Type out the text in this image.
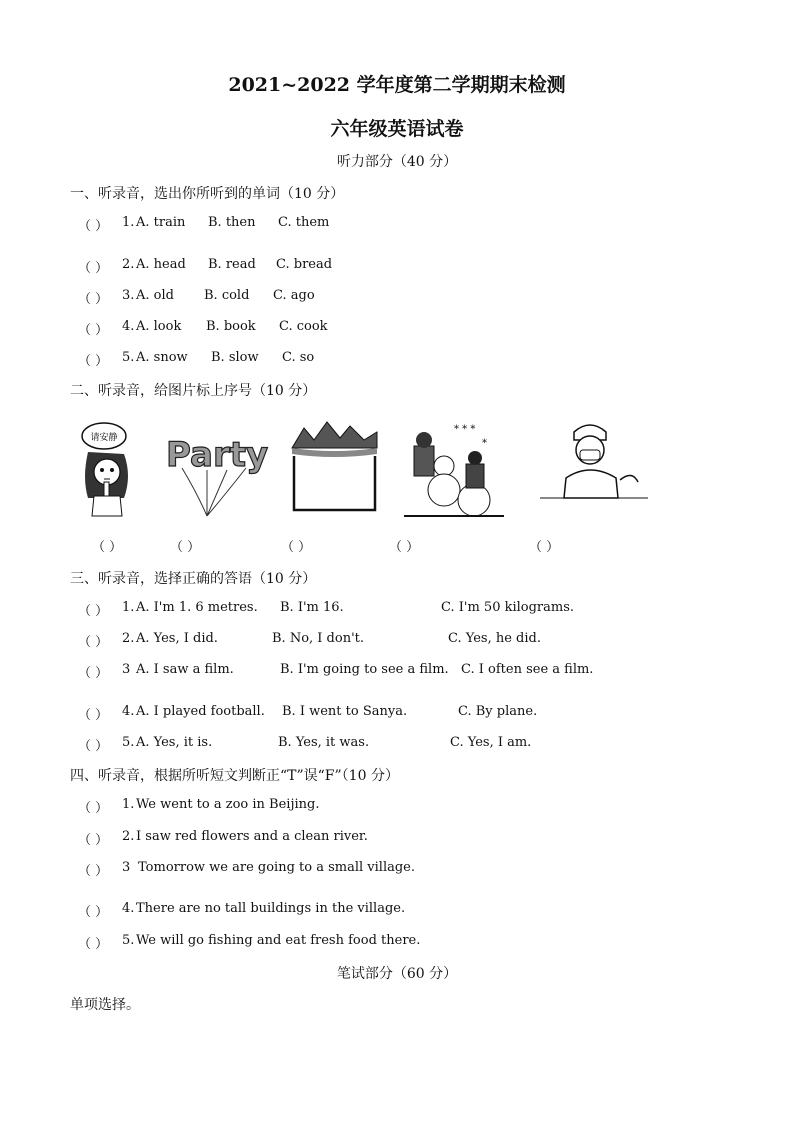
2021~2022 学年度第二学期期末检测
六年级英语试卷
听力部分（40 分）
一、听录音，选出你所听到的单词（10 分）
（ ） 1. A. train B. then C. them
（ ） 2. A. head B. read C. bread
（ ） 3. A. old B. cold C. ago
（ ） 4. A. look B. book C. cook
（ ） 5. A. snow B. slow C. so
二、听录音，给图片标上序号（10 分）
请安静 Party
* * *
*
（ ）	（ ）	（ ）	（ ）	（ ）
三、听录音，选择正确的答语（10 分）
（ ） 1. A. I'm 1. 6 metres. B. I'm 16.	C. I'm 50 kilograms.
（ ） 2. A. Yes, I did.	B. No, I don't.	C. Yes, he did.
（ ） 3 A. I saw a film.	B. I'm going to see a film. C. I often see a film.
（ ） 4. A. I played football. B. I went to Sanya.	C. By plane.
（ ） 5. A. Yes, it is.	B. Yes, it was.	C. Yes, I am.
四、听录音，根据所听短文判断正“T”误“F”（10 分）
（ ） 1. We went to a zoo in Beijing.
（ ） 2. I saw red flowers and a clean river.
（ ） 3 Tomorrow we are going to a small village.
（ ） 4. There are no tall buildings in the village.
（ ） 5. We will go fishing and eat fresh food there.
笔试部分（60 分）
单项选择。
